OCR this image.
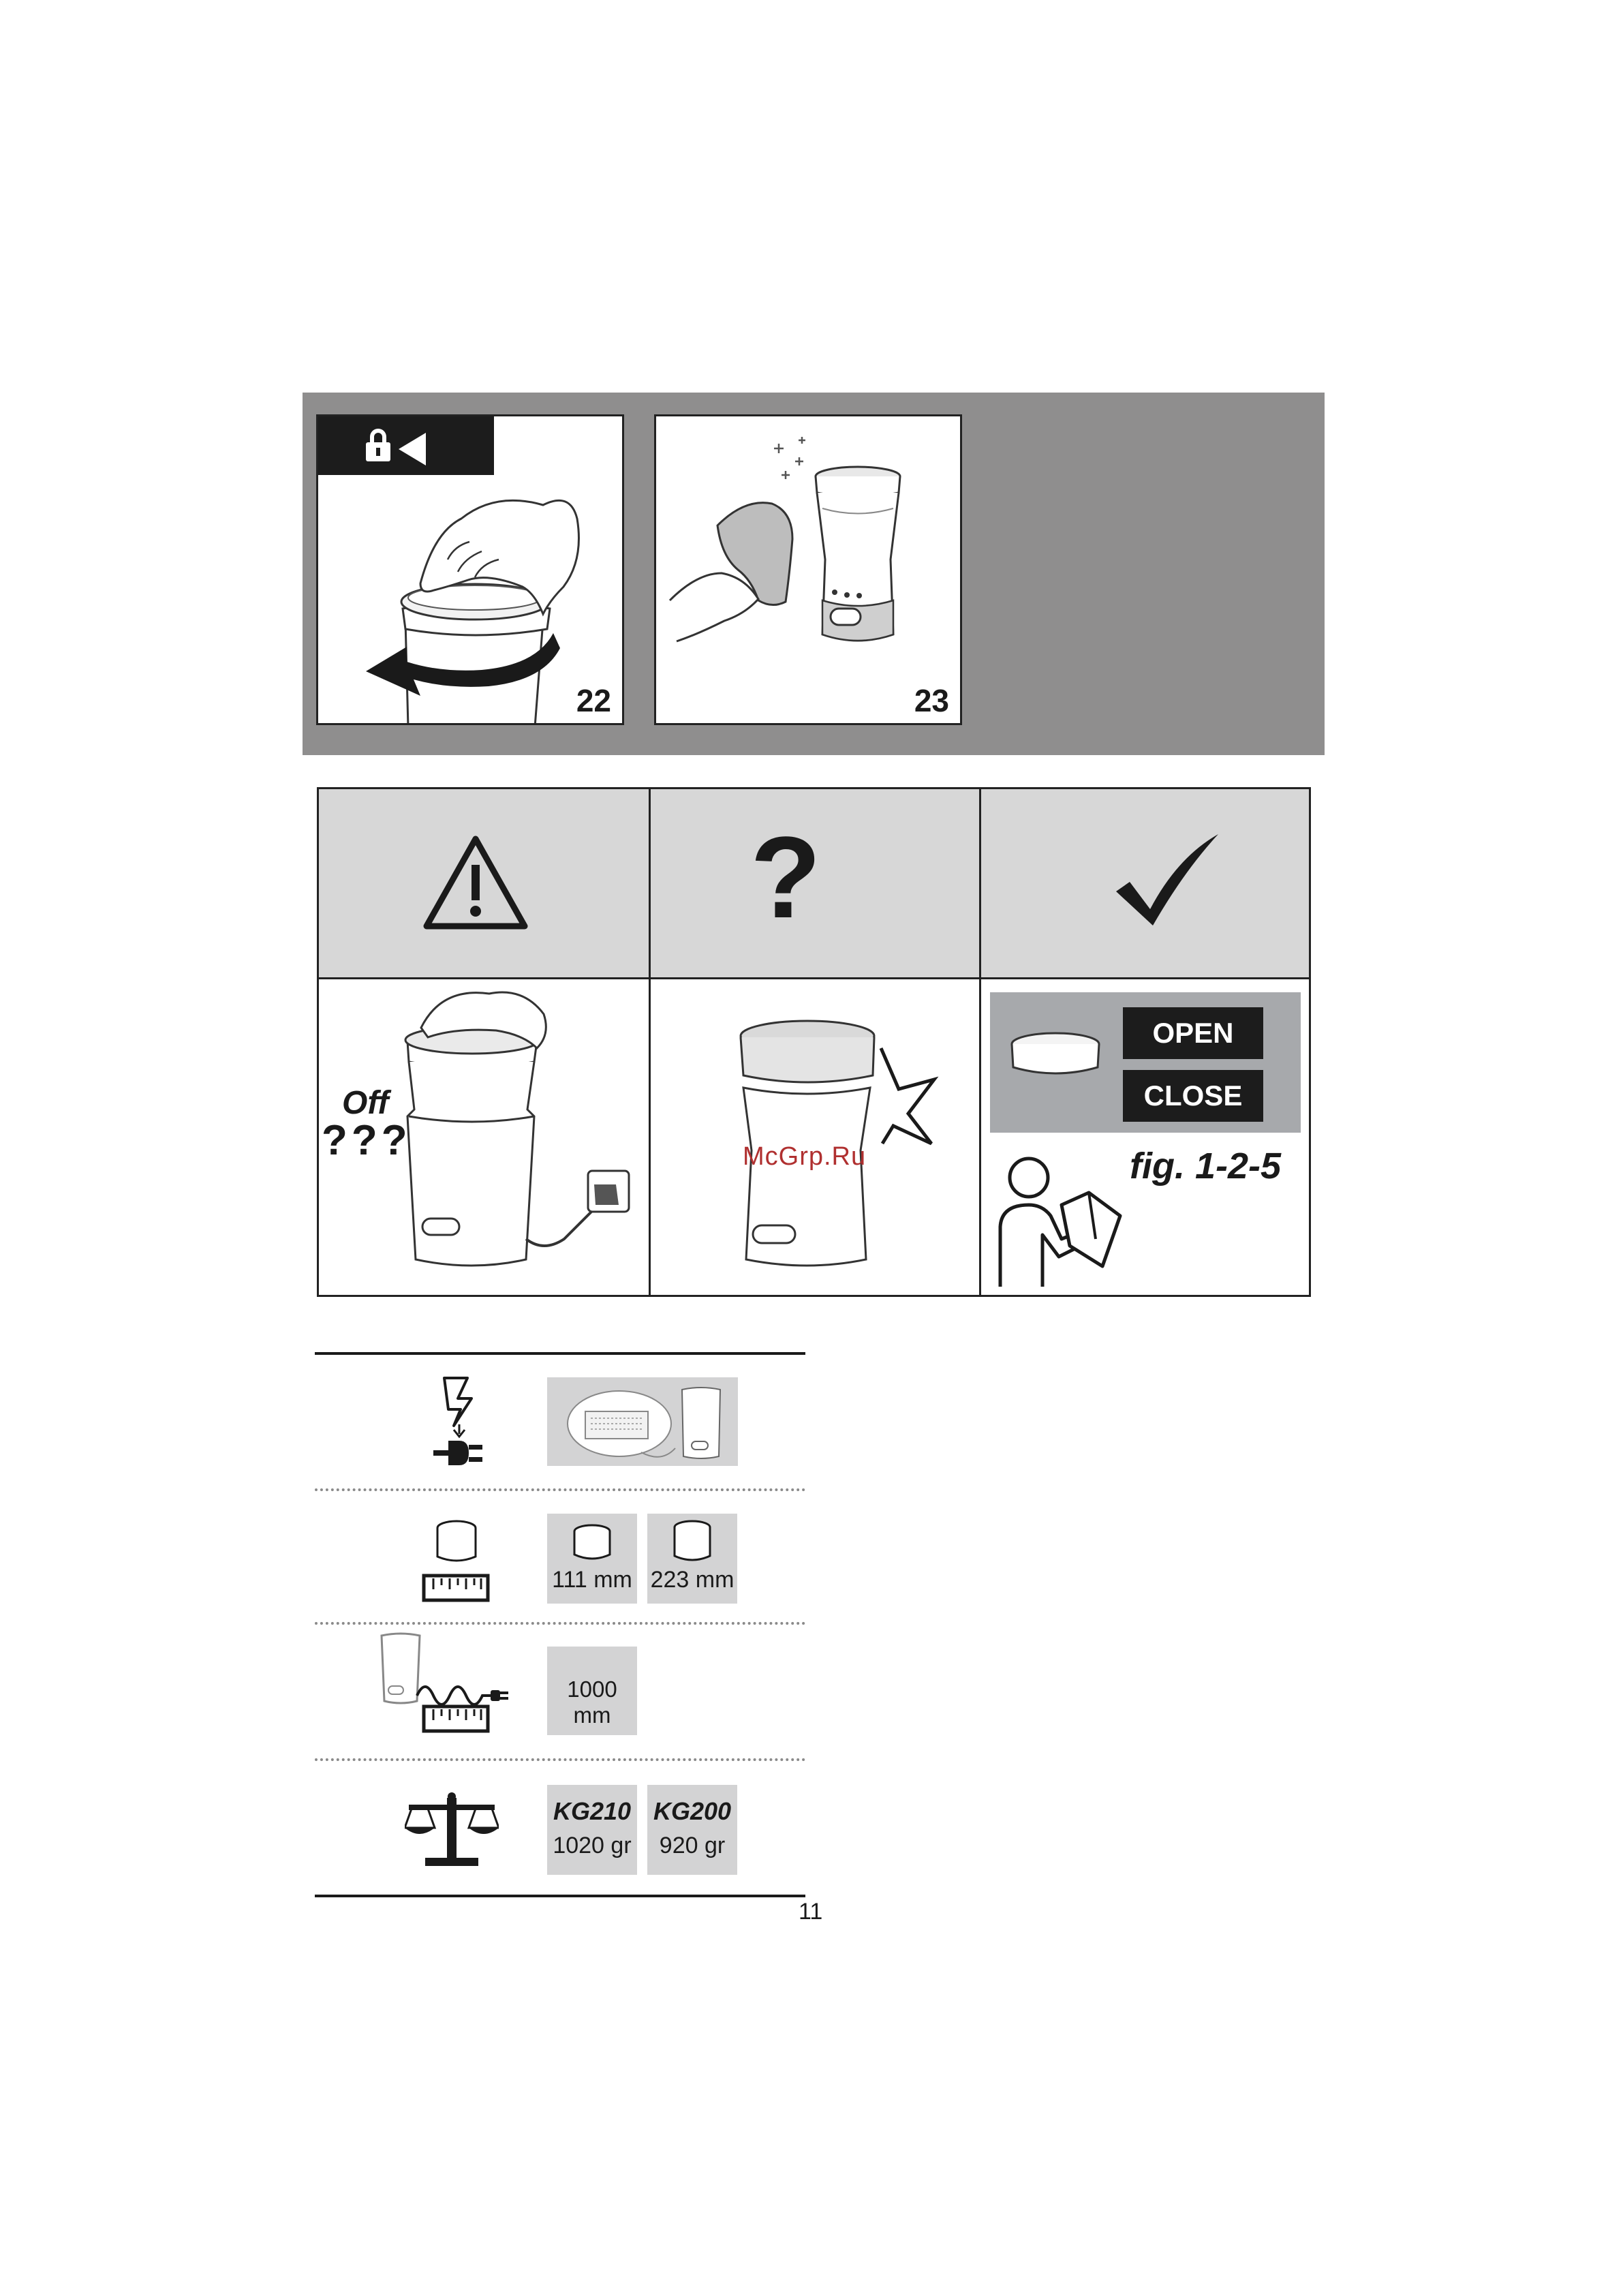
22	23
?
Off
???	McGrp.Ru
OPEN
CLOSE
fig. 1-2-5
111 mm 223 mm
1000 mm
KG210
1020 gr
KG200
920 gr
11
